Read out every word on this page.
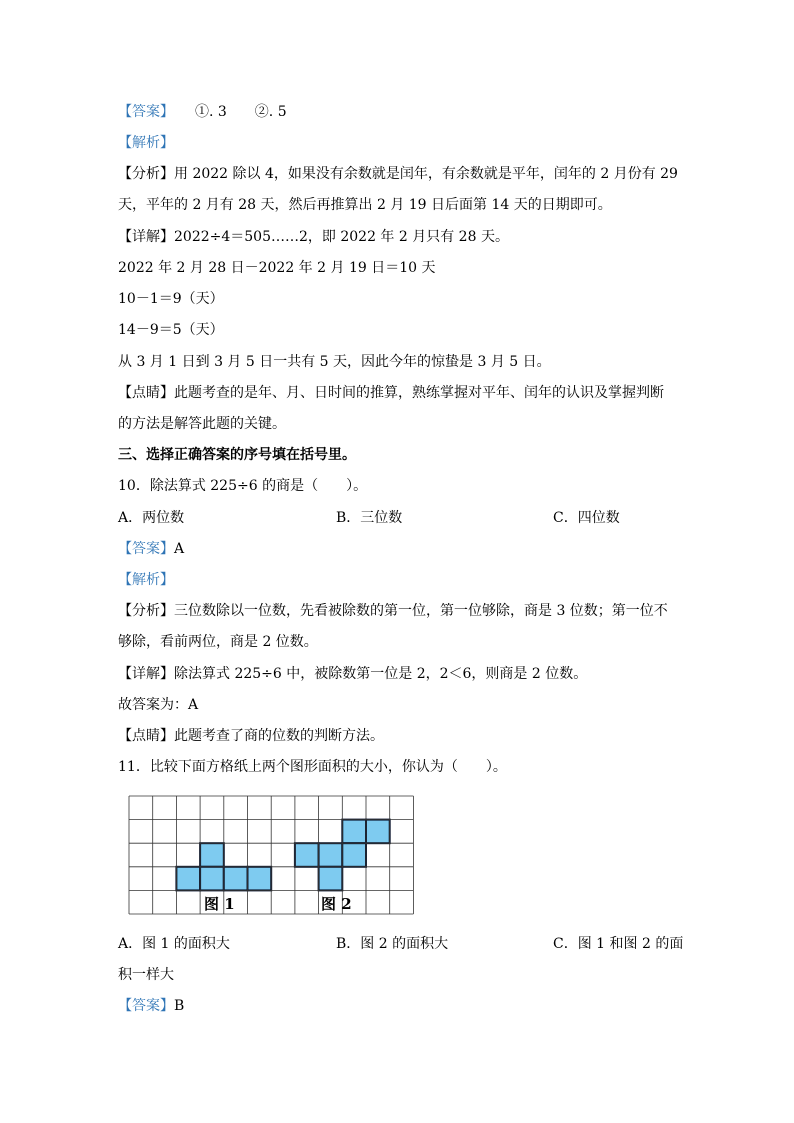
【答案】　　 ①. 3　　②. 5
【解析】
【分析】用 2022 除以 4，如果没有余数就是闰年，有余数就是平年，闰年的 2 月份有 29
天，平年的 2 月有 28 天，然后再推算出 2 月 19 日后面第 14 天的日期即可。
【详解】2022÷4＝505……2，即 2022 年 2 月只有 28 天。
2022 年 2 月 28 日－2022 年 2 月 19 日＝10 天
10－1＝9（天）
14－9＝5（天）
从 3 月 1 日到 3 月 5 日一共有 5 天，因此今年的惊蛰是 3 月 5 日。
【点睛】此题考查的是年、月、日时间的推算，熟练掌握对平年、闰年的认识及掌握判断
的方法是解答此题的关键。
三、选择正确答案的序号填在括号里。
10．除法算式 225÷6 的商是（　　）。
A．两位数	B．三位数	C．四位数
【答案】A
【解析】
【分析】三位数除以一位数，先看被除数的第一位，第一位够除，商是 3 位数；第一位不
够除，看前两位，商是 2 位数。
【详解】除法算式 225÷6 中，被除数第一位是 2，2＜6，则商是 2 位数。
故答案为：A
【点睛】此题考查了商的位数的判断方法。
11．比较下面方格纸上两个图形面积的大小，你认为（　　）。
图 1	图 2
A．图 1 的面积大	B．图 2 的面积大	C．图 1 和图 2 的面
积一样大
【答案】B
